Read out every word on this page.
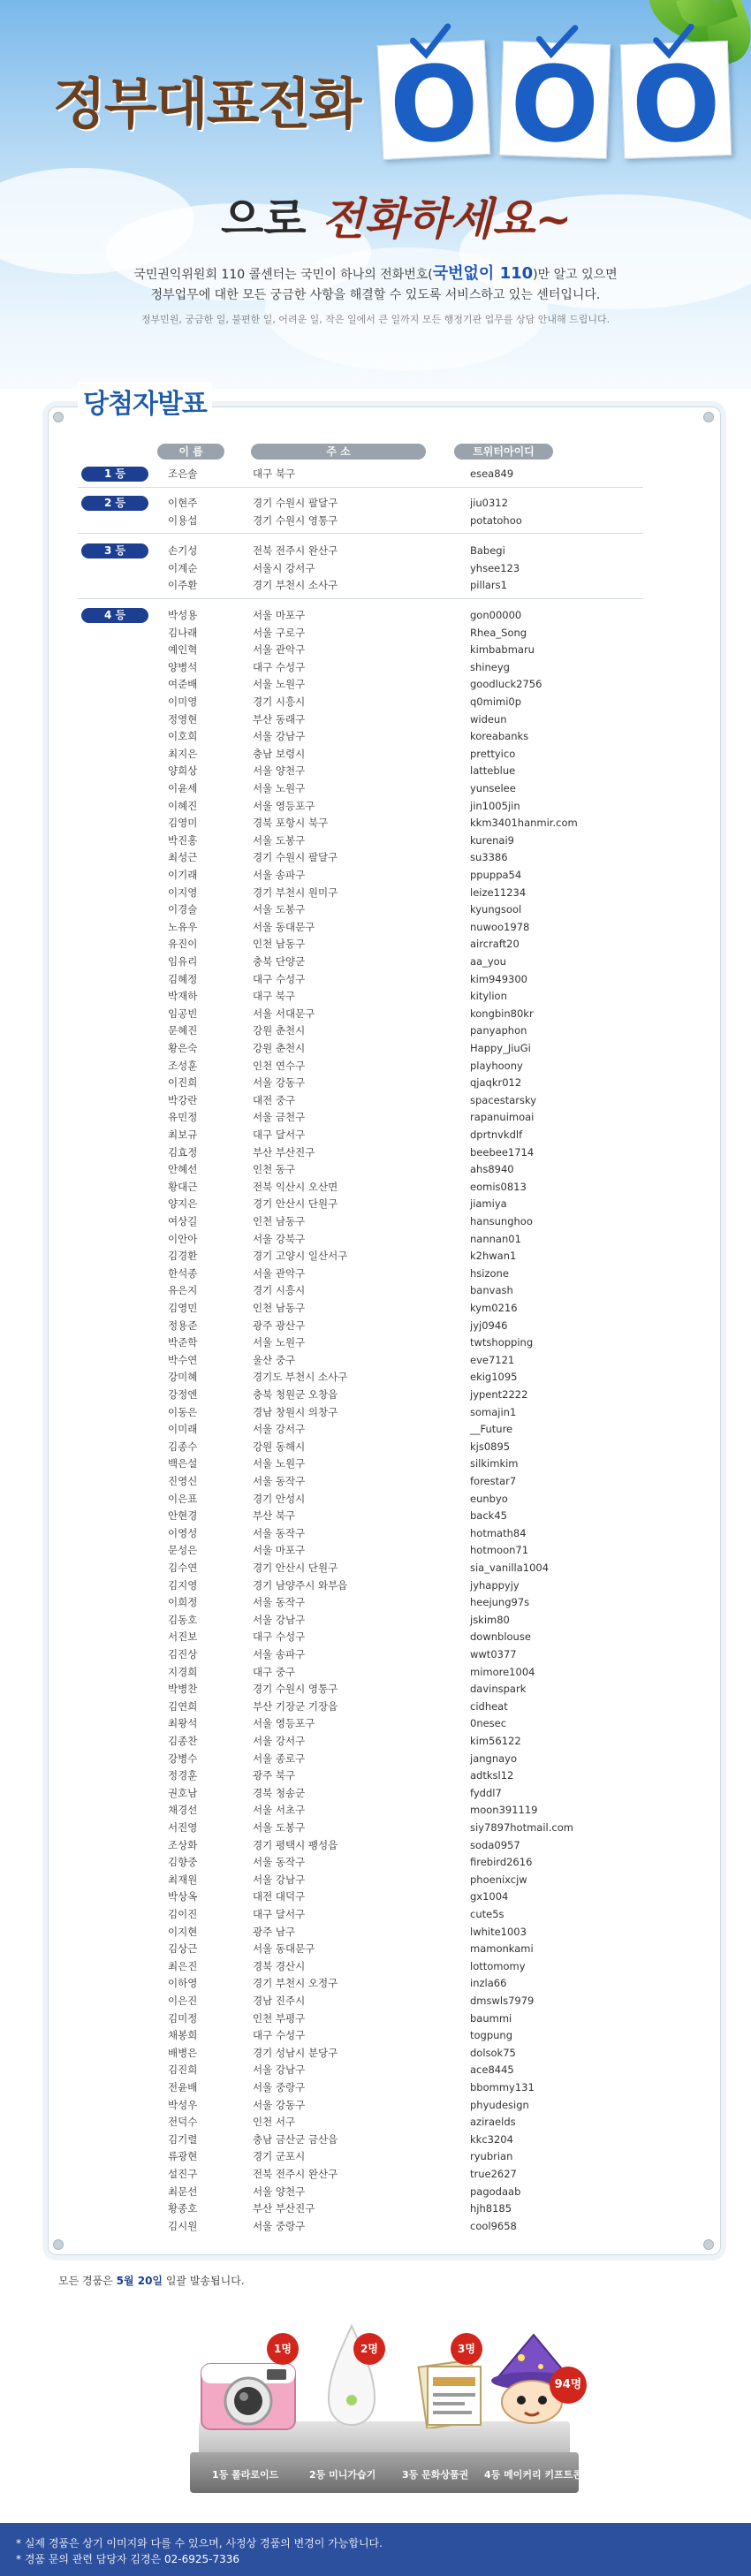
정부대표전화 O O O
으로 전화하세요~
국민권익위원회 110 콜센터는 국민이 하나의 전화번호(국번없이 110)만 알고 있으면
정부업무에 대한 모든 궁금한 사항을 해결할 수 있도록 서비스하고 있는 센터입니다.
정부민원, 궁금한 일, 불편한 일, 어려운 일, 작은 일에서 큰 일까지 모든 행정기관 업무를 상담 안내해 드립니다.
당첨자발표
이 름	주 소	트위터아이디
1 등	조은솔	대구 북구	esea849
2 등	이현주	경기 수원시 팔달구	jiu0312
이용섭	경기 수원시 영통구	potatohoo
3 등	손기성	전북 전주시 완산구	Babegi
이계순	서울시 강서구	yhsee123
이주환	경기 부천시 소사구	pillars1
4 등	박성용	서울 마포구	gon00000
김나래	서울 구로구	Rhea_Song
예인혁	서울 관악구	kimbabmaru
양병석	대구 수성구	shineyg
여준배	서울 노원구	goodluck2756
이미영	경기 시흥시	q0mimi0p
정영현	부산 동래구	wideun
이호희	서울 강남구	koreabanks
최지은	충남 보령시	prettyico
양희상	서울 양천구	latteblue
이윤세	서울 노원구	yunselee
이혜진	서울 영등포구	jin1005jin
김영미	경북 포항시 북구	kkm3401hanmir.com
박진홍	서울 도봉구	kurenai9
최성근	경기 수원시 팔달구	su3386
이기래	서울 송파구	ppuppa54
이지영	경기 부천시 원미구	leize11234
이경술	서울 도봉구	kyungsool
노유우	서울 동대문구	nuwoo1978
유진이	인천 남동구	aircraft20
임유리	충북 단양군	aa_you
김혜정	대구 수성구	kim949300
박재하	대구 북구	kitylion
임공빈	서울 서대문구	kongbin80kr
문혜진	강원 춘천시	panyaphon
황은숙	강원 춘천시	Happy_JiuGi
조성훈	인천 연수구	playhoony
이진희	서울 강동구	qjaqkr012
박강란	대전 중구	spacestarsky
유민정	서울 금천구	rapanuimoai
최보규	대구 달서구	dprtnvkdlf
김효정	부산 부산진구	beebee1714
안혜선	인천 동구	ahs8940
황대근	전북 익산시 오산면	eomis0813
양지은	경기 안산시 단원구	jiamiya
여상길	인천 남동구	hansunghoo
이안아	서울 강북구	nannan01
김경환	경기 고양시 일산서구	k2hwan1
한석종	서울 관악구	hsizone
유은지	경기 시흥시	banvash
김영민	인천 남동구	kym0216
정용준	광주 광산구	jyj0946
박준학	서울 노원구	twtshopping
박수연	울산 중구	eve7121
강미혜	경기도 부천시 소사구	ekig1095
강정엔	충북 청원군 오창읍	jypent2222
이동은	경남 창원시 의창구	somajin1
이미래	서울 강서구	__Future
김종수	강원 동해시	kjs0895
백은설	서울 노원구	silkimkim
진영신	서울 동작구	forestar7
이은표	경기 안성시	eunbyo
안현경	부산 북구	back45
이영성	서울 동작구	hotmath84
문성은	서울 마포구	hotmoon71
김수연	경기 안산시 단원구	sia_vanilla1004
김지영	경기 남양주시 와부읍	jyhappyjy
이희정	서울 동작구	heejung97s
김동호	서울 강남구	jskim80
서진보	대구 수성구	downblouse
김진상	서울 송파구	wwt0377
지경희	대구 중구	mimore1004
박병찬	경기 수원시 영통구	davinspark
김연희	부산 기장군 기장읍	cidheat
최왕석	서울 영등포구	0nesec
김종찬	서울 강서구	kim56122
강병수	서울 종로구	jangnayo
정경훈	광주 북구	adtksl12
권호남	경북 청송군	fyddl7
채경선	서울 서초구	moon391119
서진영	서울 도봉구	siy7897hotmail.com
조상화	경기 평택시 팽성읍	soda0957
김향중	서울 동작구	firebird2616
최재원	서울 강남구	phoenixcjw
박상옥	대전 대덕구	gx1004
김이진	대구 달서구	cute5s
이지현	광주 남구	lwhite1003
김상근	서울 동대문구	mamonkami
최은진	경북 경산시	lottomomy
이하영	경기 부천시 오정구	inzla66
이은진	경남 진주시	dmswls7979
김미정	인천 부평구	baummi
채봉희	대구 수성구	togpung
배병은	경기 성남시 분당구	dolsok75
김진희	서울 강남구	ace8445
전윤배	서울 중랑구	bbommy131
박성우	서울 강동구	phyudesign
전덕수	인천 서구	aziraelds
김기렬	충남 금산군 금산읍	kkc3204
류광현	경기 군포시	ryubrian
설진구	전북 전주시 완산구	true2627
최문선	서울 양천구	pagodaab
황종호	부산 부산진구	hjh8185
김시원	서울 중랑구	cool9658
모든 경품은 5월 20일 일괄 발송됩니다.
1명	2명	3명
94명
1등 폴라로이드	2등 미니가습기	3등 문화상품권 4등 메이커리 키프트콘
* 실제 경품은 상기 이미지와 다를 수 있으며, 사정상 경품의 변경이 가능합니다.
* 경품 문의 관련 담당자 김경은 02-6925-7336
